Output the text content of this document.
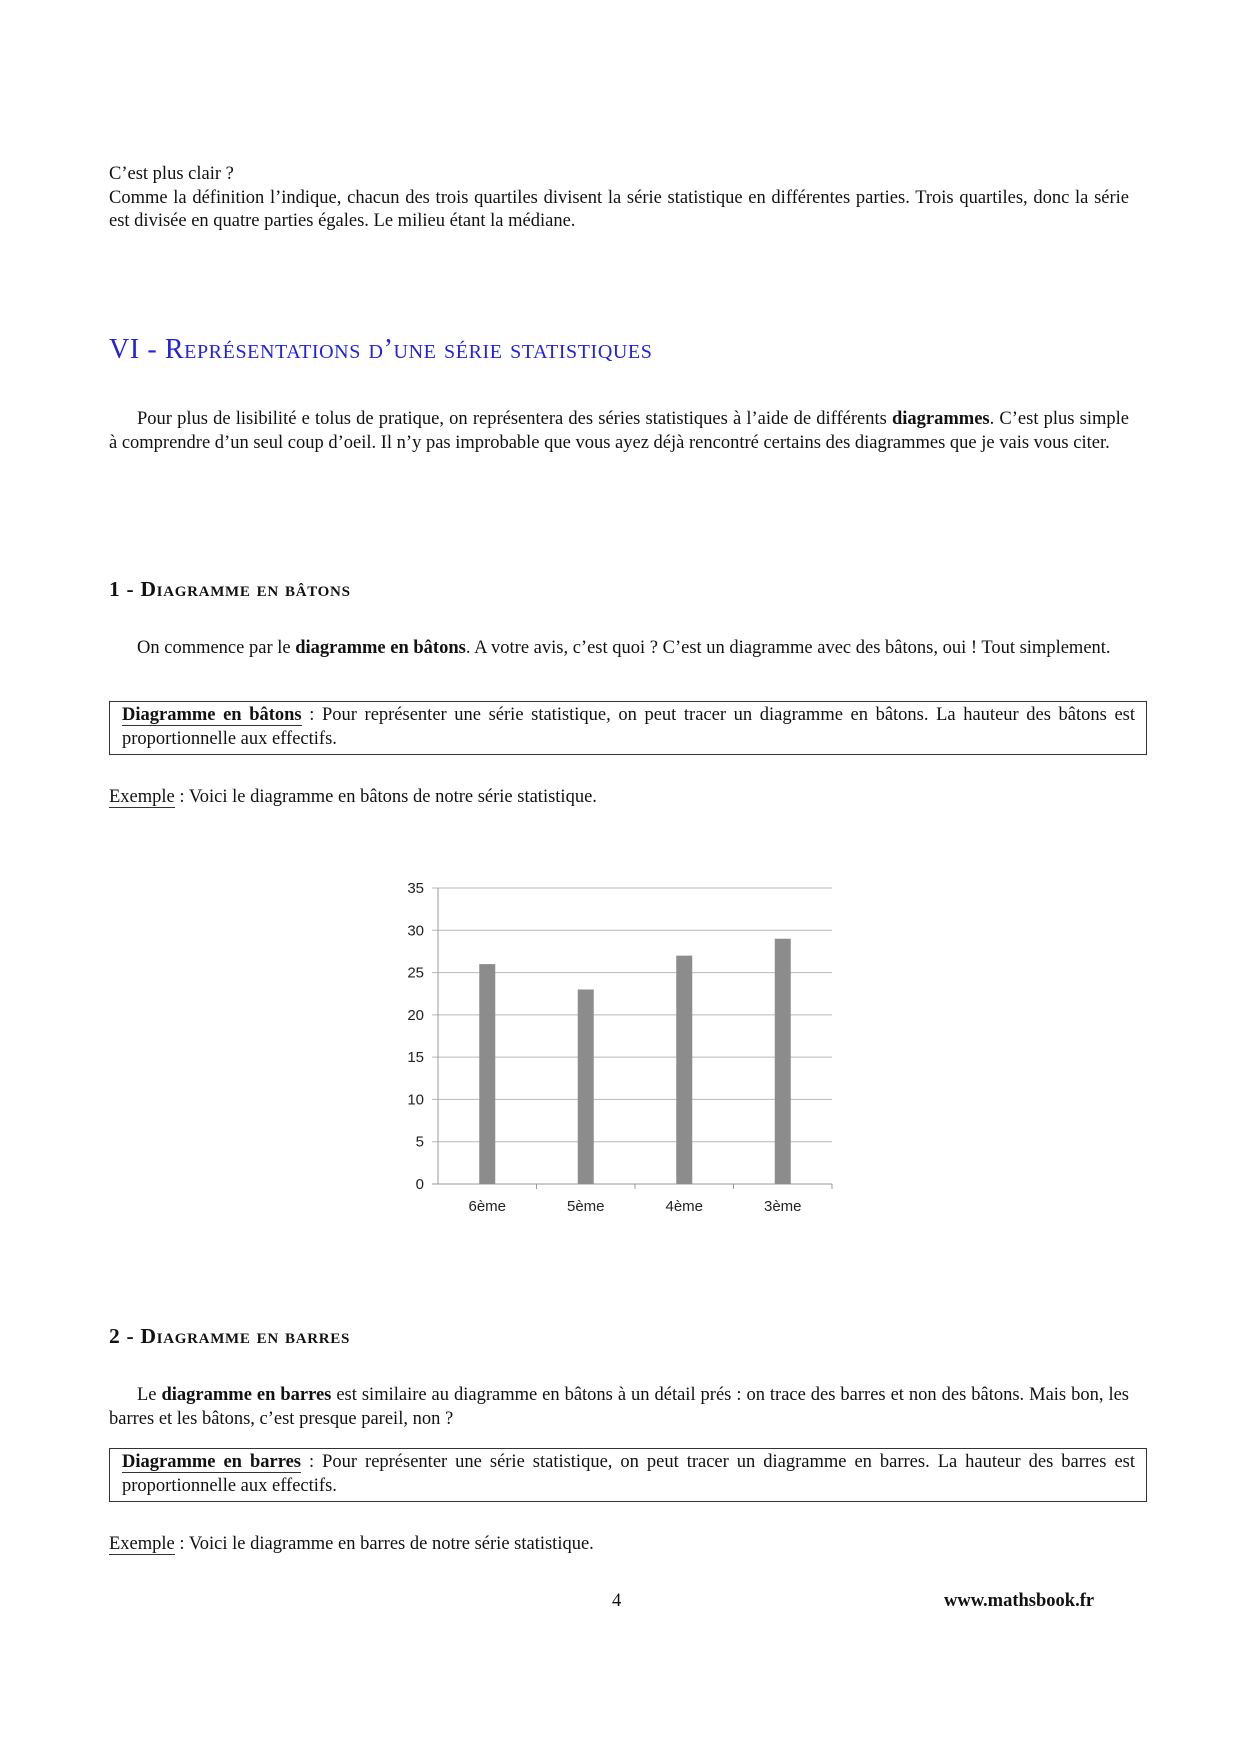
C’est plus clair ?

Comme la définition l’indique, chacun des trois quartiles divisent la série statistique en différentes parties. Trois quartiles, donc la série est divisée en quatre parties égales. Le milieu étant la médiane.

VI - Représentations d’une série statistiques

Pour plus de lisibilité e tolus de pratique, on représentera des séries statistiques à l’aide de différents diagrammes. C’est plus simple à comprendre d’un seul coup d’oeil. Il n’y pas improbable que vous ayez déjà rencontré certains des diagrammes que je vais vous citer.

1 - Diagramme en bâtons

On commence par le diagramme en bâtons. A votre avis, c’est quoi ? C’est un diagramme avec des bâtons, oui ! Tout simplement.

Diagramme en bâtons : Pour représenter une série statistique, on peut tracer un diagramme en bâtons. La hauteur des bâtons est proportionnelle aux effectifs.

Exemple : Voici le diagramme en bâtons de notre série statistique.

0
5
10
15
20
25
30
35
6ème	5ème	4ème	3ème
2 - Diagramme en barres

Le diagramme en barres est similaire au diagramme en bâtons à un détail prés : on trace des barres et non des bâtons. Mais bon, les barres et les bâtons, c’est presque pareil, non ?

Diagramme en barres : Pour représenter une série statistique, on peut tracer un diagramme en barres. La hauteur des barres est proportionnelle aux effectifs.

Exemple : Voici le diagramme en barres de notre série statistique.

4	www.mathsbook.fr
